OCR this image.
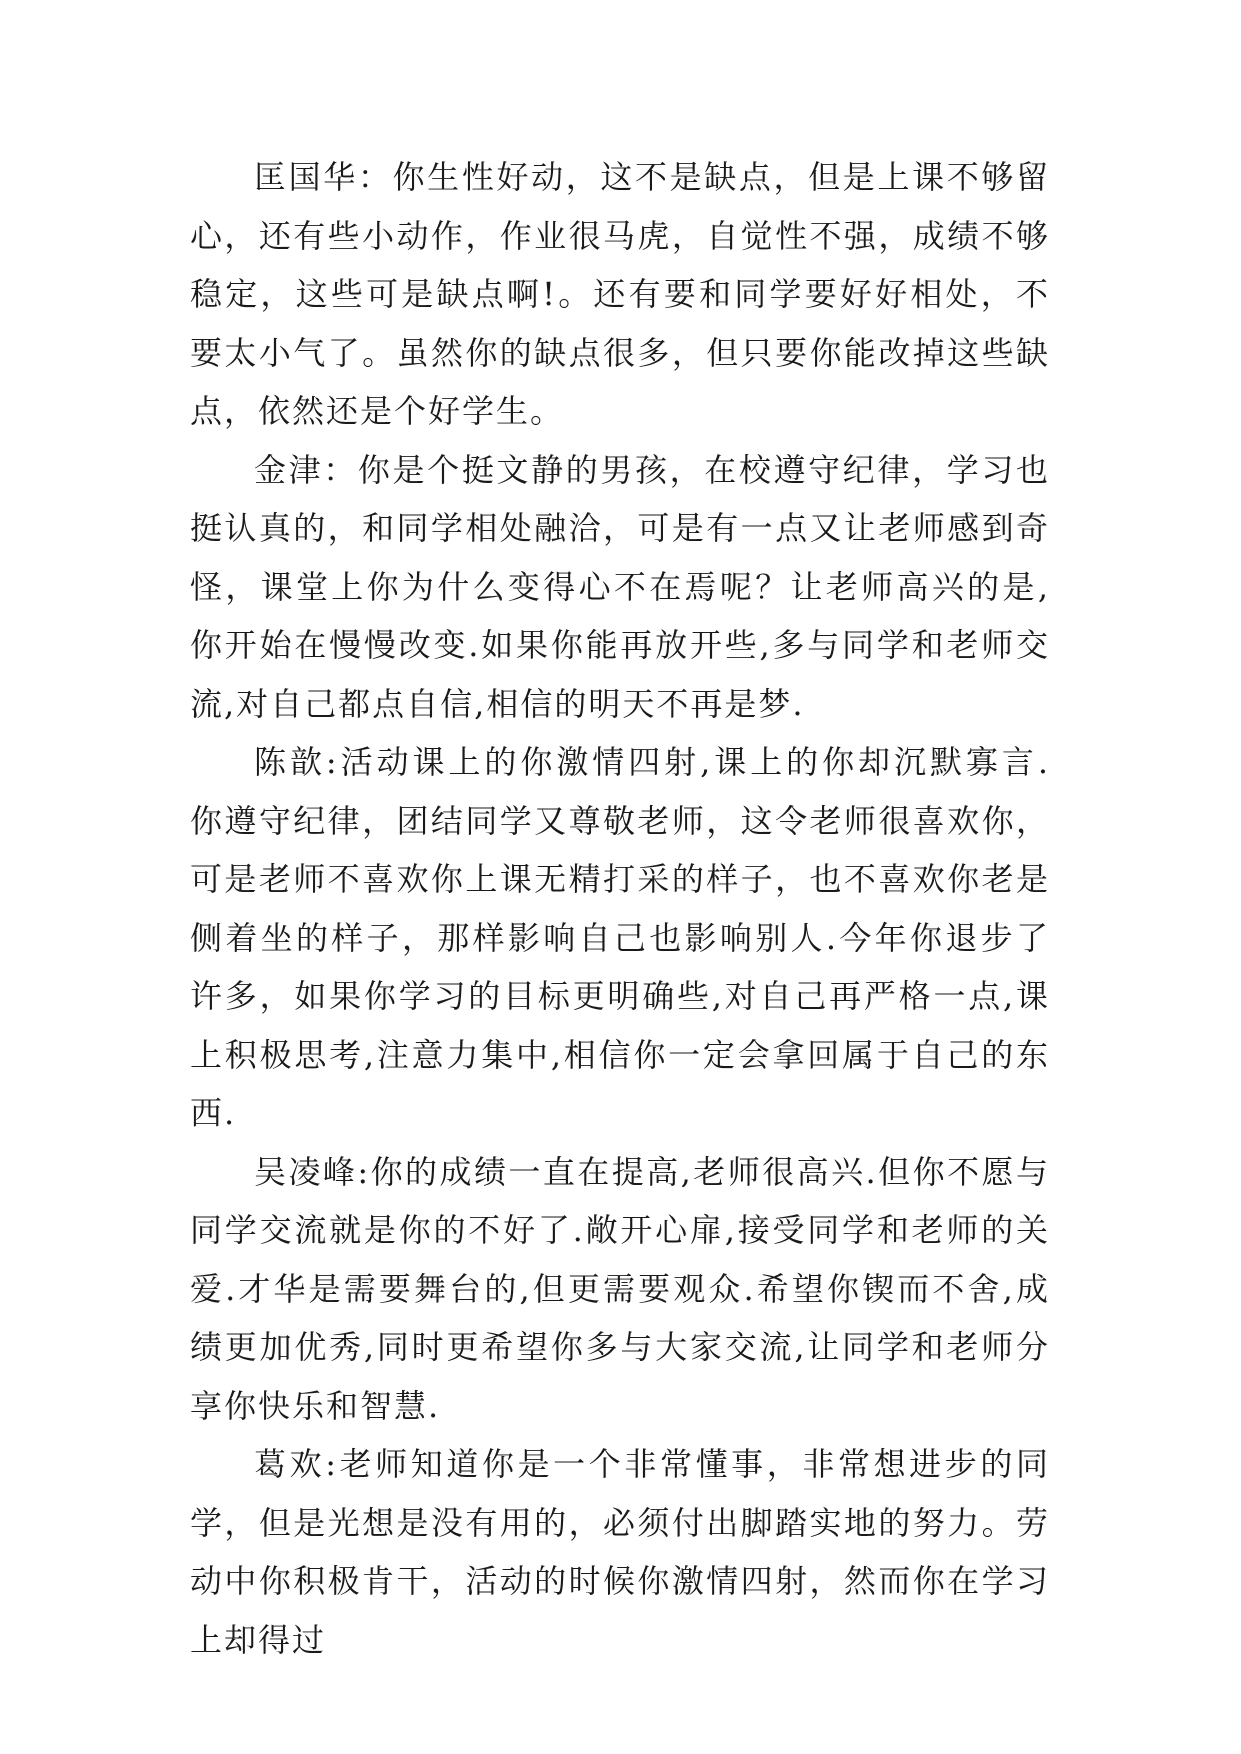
匡国华：你生性好动，这不是缺点，但是上课不够留心，还有些小动作，作业很马虎，自觉性不强，成绩不够稳定，这些可是缺点啊!。还有要和同学要好好相处，不要太小气了。虽然你的缺点很多，但只要你能改掉这些缺点，依然还是个好学生。

金津：你是个挺文静的男孩，在校遵守纪律，学习也挺认真的，和同学相处融洽，可是有一点又让老师感到奇怪，课堂上你为什么变得心不在焉呢？让老师高兴的是,你开始在慢慢改变.如果你能再放开些,多与同学和老师交流,对自己都点自信,相信的明天不再是梦.

陈歆:活动课上的你激情四射,课上的你却沉默寡言. 你遵守纪律，团结同学又尊敬老师，这令老师很喜欢你，可是老师不喜欢你上课无精打采的样子，也不喜欢你老是侧着坐的样子，那样影响自己也影响别人.今年你退步了许多，如果你学习的目标更明确些,对自己再严格一点,课上积极思考,注意力集中,相信你一定会拿回属于自己的东西.

吴凌峰:你的成绩一直在提高,老师很高兴.但你不愿与同学交流就是你的不好了.敞开心扉,接受同学和老师的关爱.才华是需要舞台的,但更需要观众.希望你锲而不舍,成绩更加优秀,同时更希望你多与大家交流,让同学和老师分享你快乐和智慧.

葛欢:老师知道你是一个非常懂事，非常想进步的同学，但是光想是没有用的，必须付出脚踏实地的努力。劳动中你积极肯干，活动的时候你激情四射，然而你在学习上却得过
